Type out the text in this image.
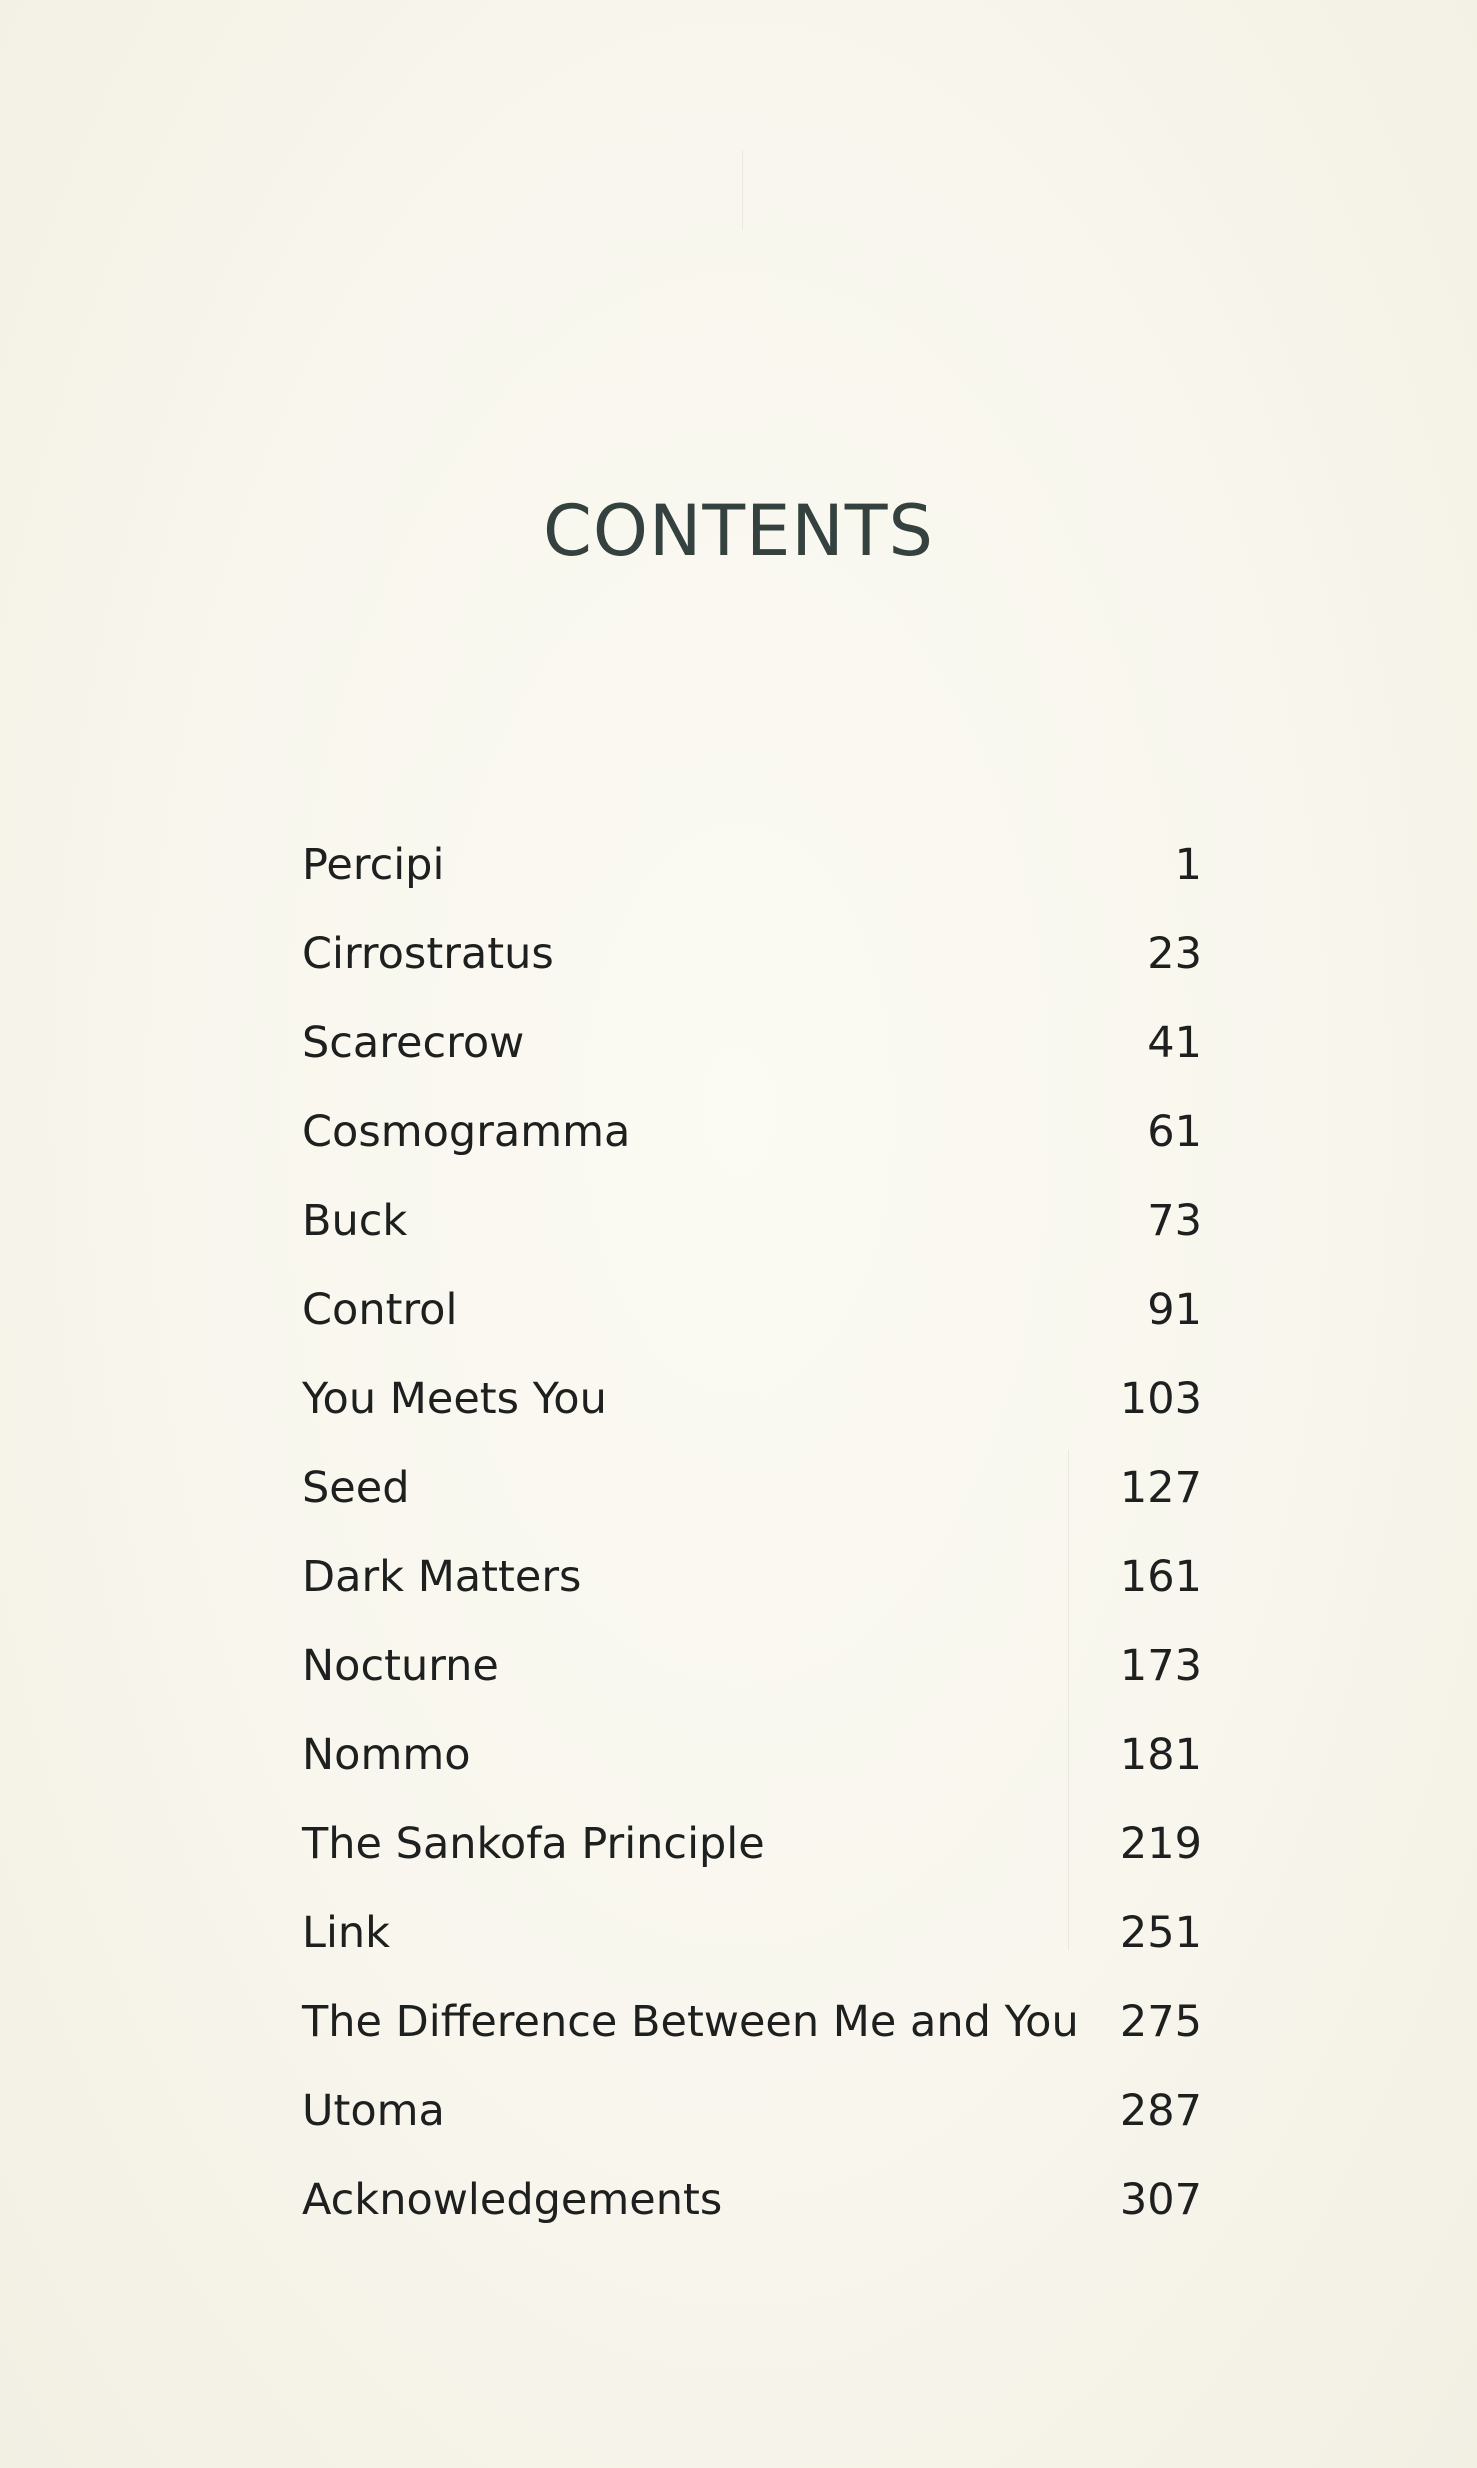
CONTENTS
Percipi	1
Cirrostratus	23
Scarecrow	41
Cosmogramma	61
Buck	73
Control	91
You Meets You	103
Seed	127
Dark Matters	161
Nocturne	173
Nommo	181
The Sankofa Principle	219
Link	251
The Difference Between Me and You 275
Utoma	287
Acknowledgements	307
